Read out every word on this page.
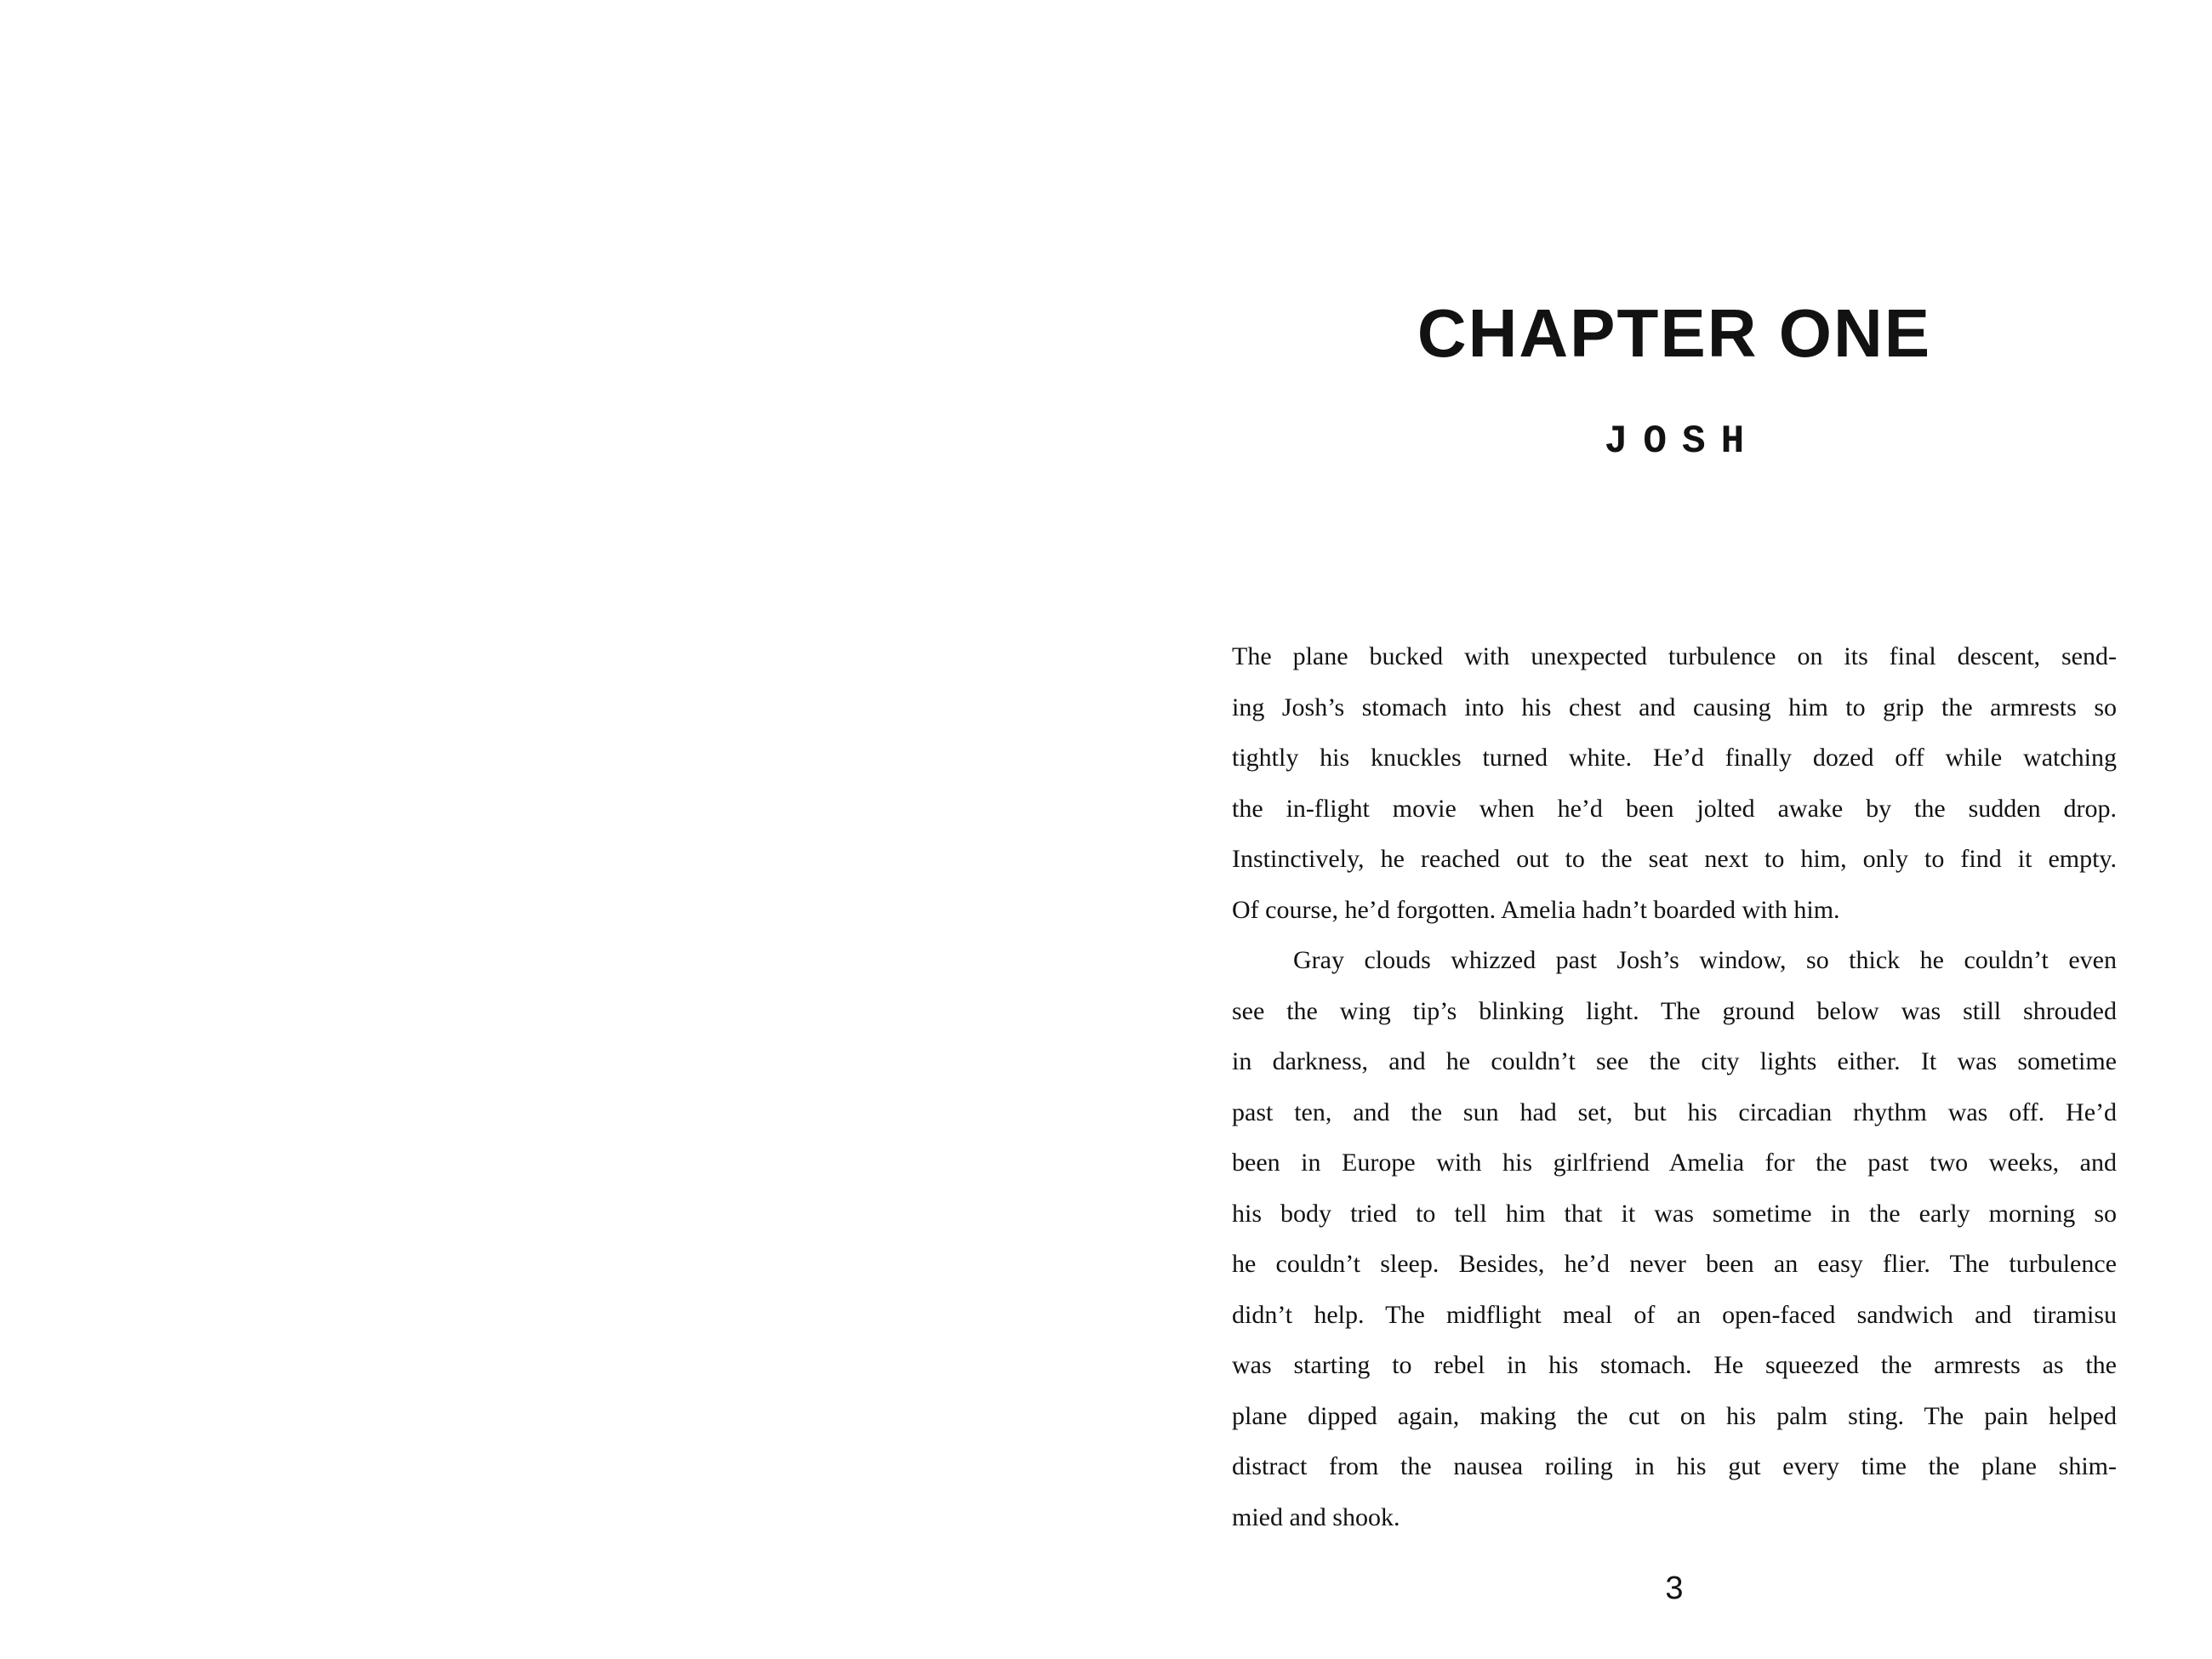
CHAPTER ONE
JOSH
The plane bucked with unexpected turbulence on its final descent, send-
ing Josh’s stomach into his chest and causing him to grip the armrests so
tightly his knuckles turned white. He’d finally dozed off while watching
the in-flight movie when he’d been jolted awake by the sudden drop.
Instinctively, he reached out to the seat next to him, only to find it empty.
Of course, he’d forgotten. Amelia hadn’t boarded with him.
Gray clouds whizzed past Josh’s window, so thick he couldn’t even
see the wing tip’s blinking light. The ground below was still shrouded
in darkness, and he couldn’t see the city lights either. It was sometime
past ten, and the sun had set, but his circadian rhythm was off. He’d
been in Europe with his girlfriend Amelia for the past two weeks, and
his body tried to tell him that it was sometime in the early morning so
he couldn’t sleep. Besides, he’d never been an easy flier. The turbulence
didn’t help. The midflight meal of an open-faced sandwich and tiramisu
was starting to rebel in his stomach. He squeezed the armrests as the
plane dipped again, making the cut on his palm sting. The pain helped
distract from the nausea roiling in his gut every time the plane shim-
mied and shook.
3
